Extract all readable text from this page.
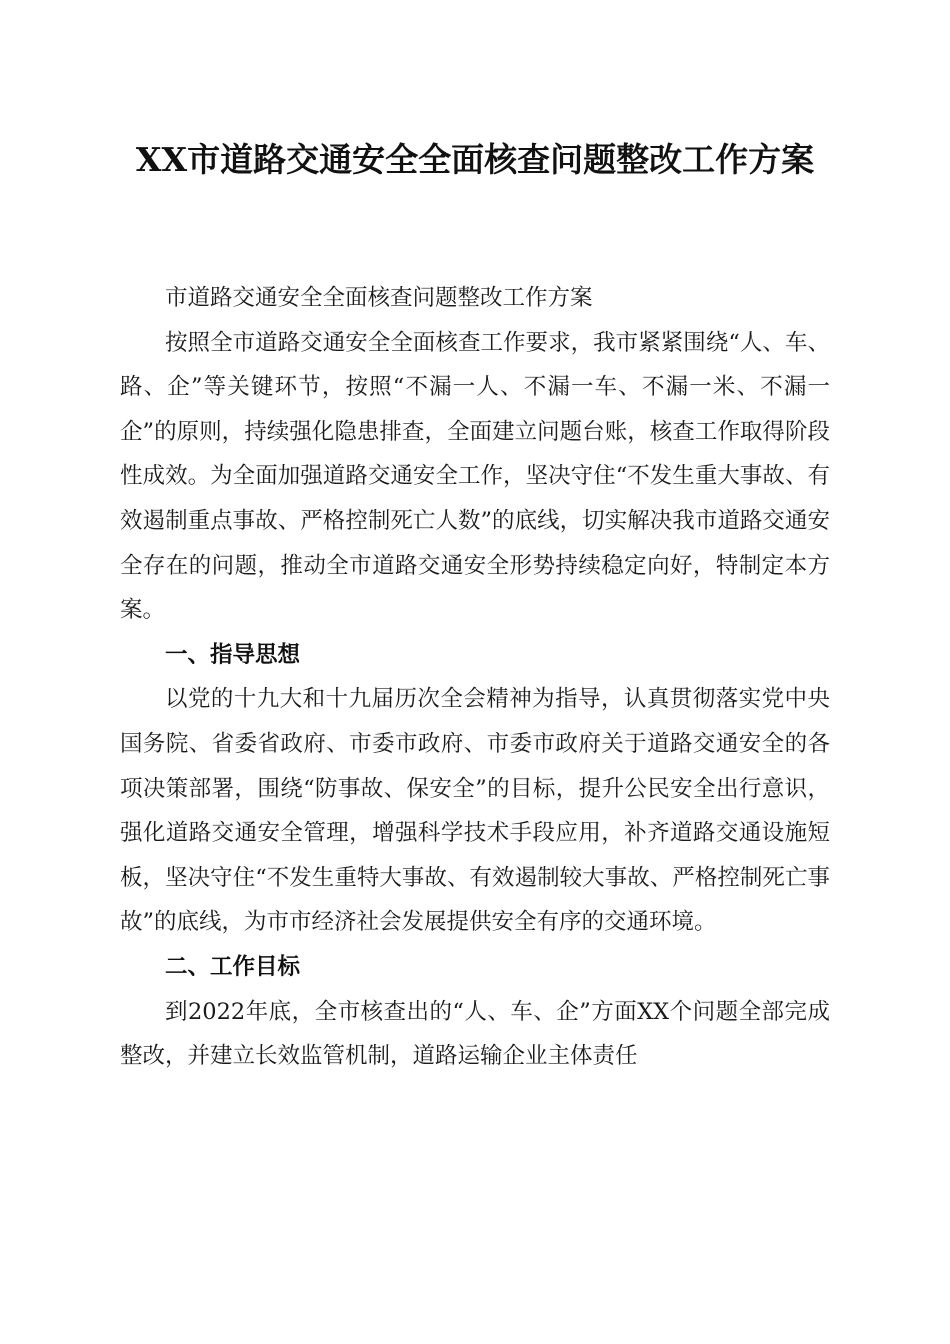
XX市道路交通安全全面核查问题整改工作方案

市道路交通安全全面核查问题整改工作方案

按照全市道路交通安全全面核查工作要求，我市紧紧围绕“人、车、路、企”等关键环节，按照“不漏一人、不漏一车、不漏一米、不漏一企”的原则，持续强化隐患排查，全面建立问题台账，核查工作取得阶段性成效。为全面加强道路交通安全工作，坚决守住“不发生重大事故、有效遏制重点事故、严格控制死亡人数”的底线，切实解决我市道路交通安全存在的问题，推动全市道路交通安全形势持续稳定向好，特制定本方案。

一、指导思想

以党的十九大和十九届历次全会精神为指导，认真贯彻落实党中央国务院、省委省政府、市委市政府、市委市政府关于道路交通安全的各项决策部署，围绕“防事故、保安全”的目标，提升公民安全出行意识，强化道路交通安全管理，增强科学技术手段应用，补齐道路交通设施短板，坚决守住“不发生重特大事故、有效遏制较大事故、严格控制死亡事故”的底线，为市市经济社会发展提供安全有序的交通环境。

二、工作目标

到2022年底，全市核查出的“人、车、企”方面XX个问题全部完成整改，并建立长效监管机制，道路运输企业主体责任
